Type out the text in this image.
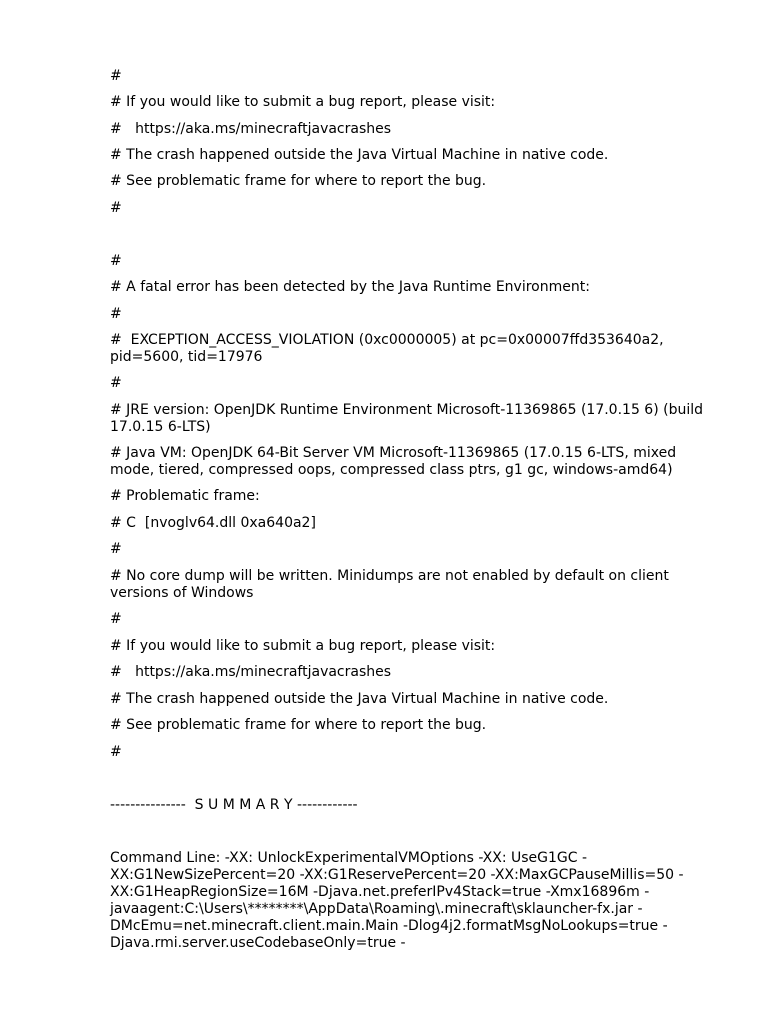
#
# If you would like to submit a bug report, please visit:
#   https://aka.ms/minecraftjavacrashes
# The crash happened outside the Java Virtual Machine in native code.
# See problematic frame for where to report the bug.
#
#
# A fatal error has been detected by the Java Runtime Environment:
#
#  EXCEPTION_ACCESS_VIOLATION (0xc0000005) at pc=0x00007ffd353640a2, pid=5600, tid=17976
#
# JRE version: OpenJDK Runtime Environment Microsoft-11369865 (17.0.15 6) (build 17.0.15 6-LTS)
# Java VM: OpenJDK 64-Bit Server VM Microsoft-11369865 (17.0.15 6-LTS, mixed mode, tiered, compressed oops, compressed class ptrs, g1 gc, windows-amd64)
# Problematic frame:
# C  [nvoglv64.dll 0xa640a2]
#
# No core dump will be written. Minidumps are not enabled by default on client versions of Windows
#
# If you would like to submit a bug report, please visit:
#   https://aka.ms/minecraftjavacrashes
# The crash happened outside the Java Virtual Machine in native code.
# See problematic frame for where to report the bug.
#
---------------  S U M M A R Y ------------
Command Line: -XX: UnlockExperimentalVMOptions -XX: UseG1GC -XX:G1NewSizePercent=20 -XX:G1ReservePercent=20 -XX:MaxGCPauseMillis=50 -XX:G1HeapRegionSize=16M -Djava.net.preferIPv4Stack=true -Xmx16896m -javaagent:C:\Users\********\AppData\Roaming\.minecraft\sklauncher-fx.jar -DMcEmu=net.minecraft.client.main.Main -Dlog4j2.formatMsgNoLookups=true -Djava.rmi.server.useCodebaseOnly=true -
